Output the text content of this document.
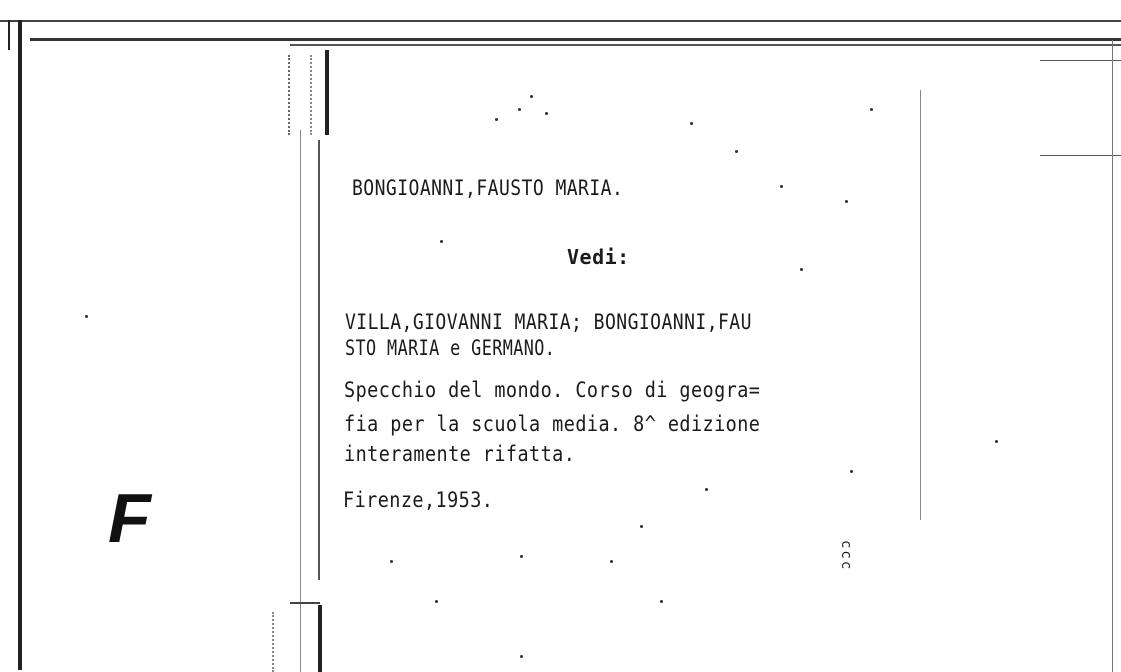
BONGIOANNI,FAUSTO MARIA.
Vedi:
VILLA,GIOVANNI MARIA; BONGIOANNI,FAU
STO MARIA e GERMANO.
Specchio del mondo. Corso di geogra=
fia per la scuola media. 8^ edizione
interamente rifatta.
Firenze,1953.
ccc
F
